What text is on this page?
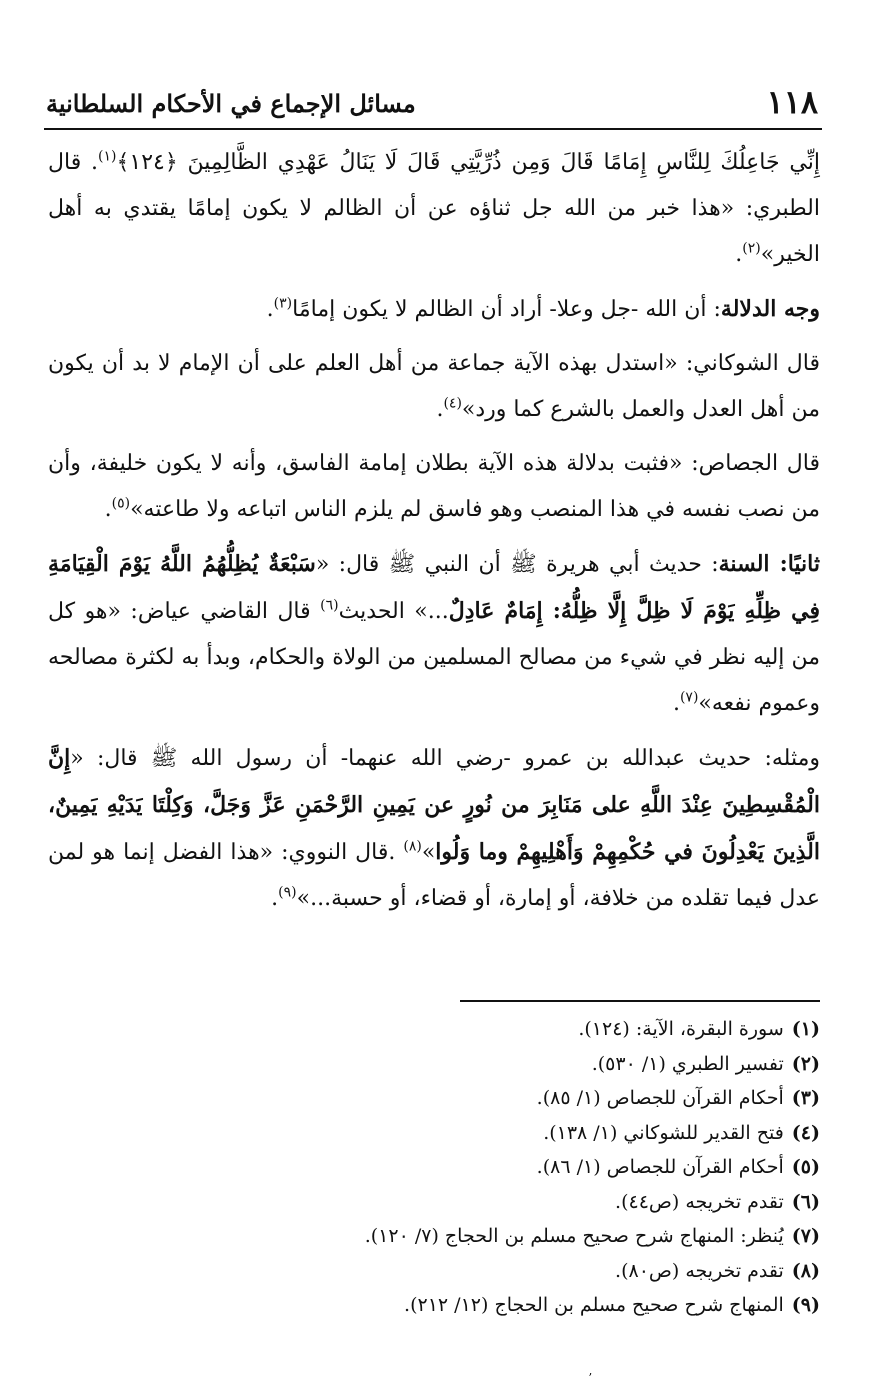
١١٨
مسائل الإجماع في الأحكام السلطانية

إِنِّي جَاعِلُكَ لِلنَّاسِ إِمَامًا قَالَ وَمِن ذُرِّيَّتِي قَالَ لَا يَنَالُ عَهْدِي الظَّالِمِينَ ﴿١٢٤﴾$^{(١)}$. قال الطبري: «هذا خبر من الله جل ثناؤه عن أن الظالم لا يكون إمامًا يقتدي به أهل الخير»$^{(٢)}$.

وجه الدلالة: أن الله -جل وعلا- أراد أن الظالم لا يكون إمامًا$^{(٣)}$.

قال الشوكاني: «استدل بهذه الآية جماعة من أهل العلم على أن الإمام لا بد أن يكون من أهل العدل والعمل بالشرع كما ورد»$^{(٤)}$.

قال الجصاص: «فثبت بدلالة هذه الآية بطلان إمامة الفاسق، وأنه لا يكون خليفة، وأن من نصب نفسه في هذا المنصب وهو فاسق لم يلزم الناس اتباعه ولا طاعته»$^{(٥)}$.

ثانيًا: السنة: حديث أبي هريرة ﷺ أن النبي ﷺ قال: «سَبْعَةٌ يُظِلُّهُمُ اللَّهُ يَوْمَ الْقِيَامَةِ فِي ظِلِّهِ يَوْمَ لَا ظِلَّ إِلَّا ظِلُّهُ: إِمَامٌ عَادِلٌ...» الحديث$^{(٦)}$ قال القاضي عياض: «هو كل من إليه نظر في شيء من مصالح المسلمين من الولاة والحكام، وبدأ به لكثرة مصالحه وعموم نفعه»$^{(٧)}$.

ومثله: حديث عبدالله بن عمرو -رضي الله عنهما- أن رسول الله ﷺ قال: «إِنَّ الْمُقْسِطِينَ عِنْدَ اللَّهِ على مَنَابِرَ من نُورٍ عن يَمِينِ الرَّحْمَنِ عَزَّ وَجَلَّ، وَكِلْتَا يَدَيْهِ يَمِينٌ، الَّذِينَ يَعْدِلُونَ في حُكْمِهِمْ وَأَهْلِيهِمْ وما وَلُوا»$^{(٨)}$ .قال النووي: «هذا الفضل إنما هو لمن عدل فيما تقلده من خلافة، أو إمارة، أو قضاء، أو حسبة...»$^{(٩)}$.

(١)سورة البقرة، الآية: (١٢٤).
(٢)تفسير الطبري (١/ ٥٣٠).
(٣)أحكام القرآن للجصاص (١/ ٨٥).
(٤)فتح القدير للشوكاني (١/ ١٣٨).
(٥)أحكام القرآن للجصاص (١/ ٨٦).
(٦)تقدم تخريجه (ص٤٤).
(٧)يُنظر: المنهاج شرح صحيح مسلم بن الحجاج (٧/ ١٢٠).
(٨)تقدم تخريجه (ص٨٠).
(٩)المنهاج شرح صحيح مسلم بن الحجاج (١٢/ ٢١٢).
ʼ
